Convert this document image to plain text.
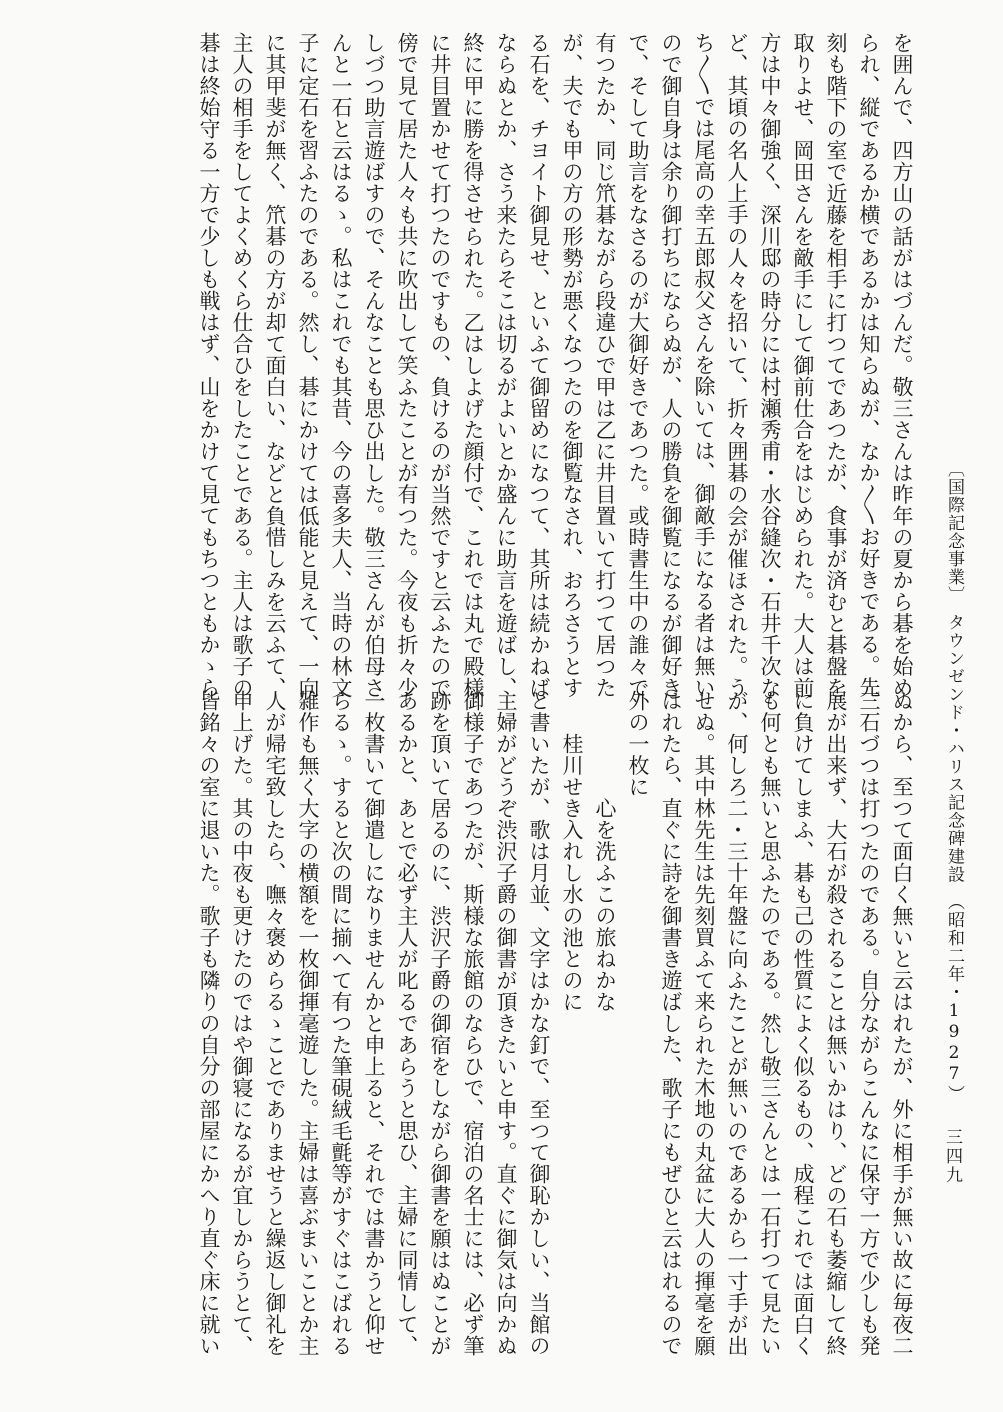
を囲んで、四方山の話がはづんだ。敬三さんは昨年の夏から碁を始め
られ、縦であるか横であるかは知らぬが、なか〳〵お好きである。先
刻も階下の室で近藤を相手に打つてであつたが、食事が済むと碁盤を
取りよせ、岡田さんを敵手にして御前仕合をはじめられた。大人は前
方は中々御強く、深川邸の時分には村瀬秀甫・水谷縫次・石井千次な
ど、其頃の名人上手の人々を招いて、折々囲碁の会が催ほされた。う
ち〳〵では尾高の幸五郎叔父さんを除いては、御敵手になる者は無い
ので御自身は余り御打ちにならぬが、人の勝負を御覧になるが御好き
で、そして助言をなさるのが大御好きであつた。或時書生中の誰々で
有つたか、同じ笊碁ながら段違ひで甲は乙に井目置いて打つて居つた
が、夫でも甲の方の形勢が悪くなつたのを御覧なされ、おろさうとす
る石を、チヨイト御見せ、といふて御留めになつて、其所は続かねば
ならぬとか、さう来たらそこは切るがよいとか盛んに助言を遊ばし、
終に甲に勝を得させられた。乙はしよげた顔付で、これでは丸で殿様
に井目置かせて打つたのですもの、負けるのが当然ですと云ふたので
傍で見て居た人々も共に吹出して笑ふたことが有つた。今夜も折々少
しづつ助言遊ばすので、そんなことも思ひ出した。敬三さんが伯母さ
んと一石と云はるゝ。私はこれでも其昔、今の喜多夫人、当時の林文
子に定石を習ふたのである。然し、碁にかけては低能と見えて、一向
に其甲斐が無く、笊碁の方が却て面白い、などと負惜しみを云ふて、
主人の相手をしてよくめくら仕合ひをしたことである。主人は歌子の
碁は終始守る一方で少しも戦はず、山をかけて見てもちつともかゝら
ぬから、至つて面白く無いと云はれたが、外に相手が無い故に毎夜二
三石づつは打つたのである。自分ながらこんなに保守一方で少しも発
展が出来ず、大石が殺されることは無いかはり、どの石も萎縮して終
に負けてしまふ、碁も己の性質によく似るもの、成程これでは面白く
も何とも無いと思ふたのである。然し敬三さんとは一石打つて見たい
が、何しろ二・三十年盤に向ふたことが無いのであるから一寸手が出
せぬ。其中林先生は先刻買ふて来られた木地の丸盆に大人の揮毫を願
はれたら、直ぐに詩を御書き遊ばした、歌子にもぜひと云はれるので
外の一枚に
　　　　　心を洗ふこの旅ねかな
　　桂川せき入れし水の池とのに
と書いたが、歌は月並、文字はかな釘で、至つて御恥かしい、当館の
主婦がどうぞ渋沢子爵の御書が頂きたいと申す。直ぐに御気は向かぬ
御様子であつたが、斯様な旅館のならひで、宿泊の名士には、必ず筆
跡を頂いて居るのに、渋沢子爵の御宿をしながら御書を願はぬことが
あるかと、あとで必ず主人が叱るであらうと思ひ、主婦に同情して、
一枚書いて御遣しになりませんかと申上ると、それでは書かうと仰せ
らるゝ。すると次の間に揃へて有つた筆硯絨毛氈等がすぐはこばれる
雑作も無く大字の横額を一枚御揮毫遊した。主婦は喜ぶまいことか主
人が帰宅致したら、嘸々褒めらるゝことでありませうと繰返し御礼を
申上げた。其の中夜も更けたのではや御寝になるが宜しからうとて、
皆銘々の室に退いた。歌子も隣りの自分の部屋にかへり直ぐ床に就い	〔国際記念事業〕　タウンゼンド・ハリス記念碑建設　（昭和二年・1927）
三四九
